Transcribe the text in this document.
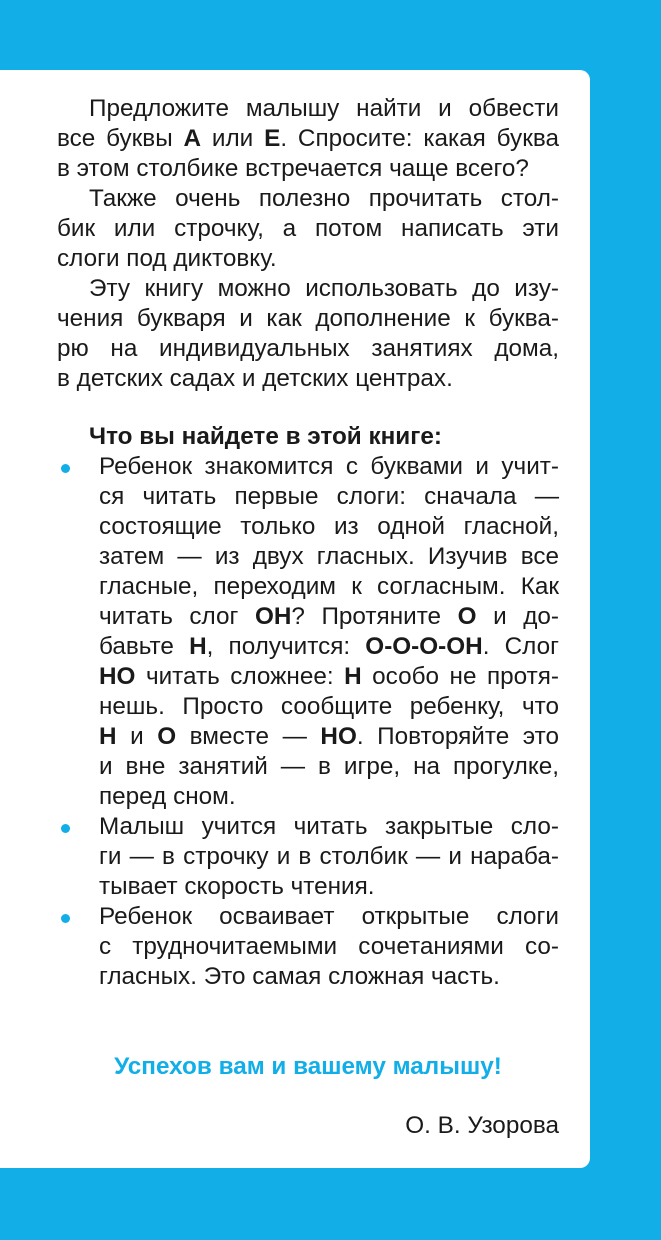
Предложите малышу найти и обвести
все буквы А или Е. Спросите: какая буква
в этом столбике встречается чаще всего?
Также очень полезно прочитать стол-
бик или строчку, а потом написать эти
слоги под диктовку.
Эту книгу можно использовать до изу-
чения букваря и как дополнение к буква-
рю на индивидуальных занятиях дома,
в детских садах и детских центрах.
Что вы найдете в этой книге:
Ребенок знакомится с буквами и учит-
ся читать первые слоги: сначала —
состоящие только из одной гласной,
затем — из двух гласных. Изучив все
гласные, переходим к согласным. Как
читать слог ОН? Протяните О и до-
бавьте Н, получится: О-О-О-ОН. Слог
НО читать сложнее: Н особо не протя-
нешь. Просто сообщите ребенку, что
Н и О вместе — НО. Повторяйте это
и вне занятий — в игре, на прогулке,
перед сном.
Малыш учится читать закрытые сло-
ги — в строчку и в столбик — и нараба-
тывает скорость чтения.
Ребенок осваивает открытые слоги
с трудночитаемыми сочетаниями со-
гласных. Это самая сложная часть.
Успехов вам и вашему малышу!
О. В. Узорова
